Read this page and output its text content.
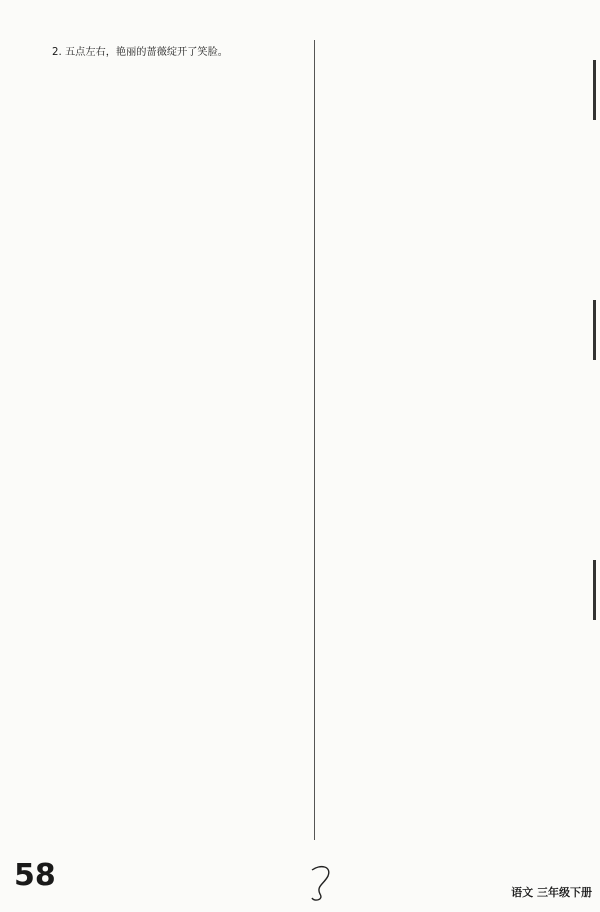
2. 五点左右，艳丽的蔷薇绽开了笑脸。
58	语文 三年级下册
